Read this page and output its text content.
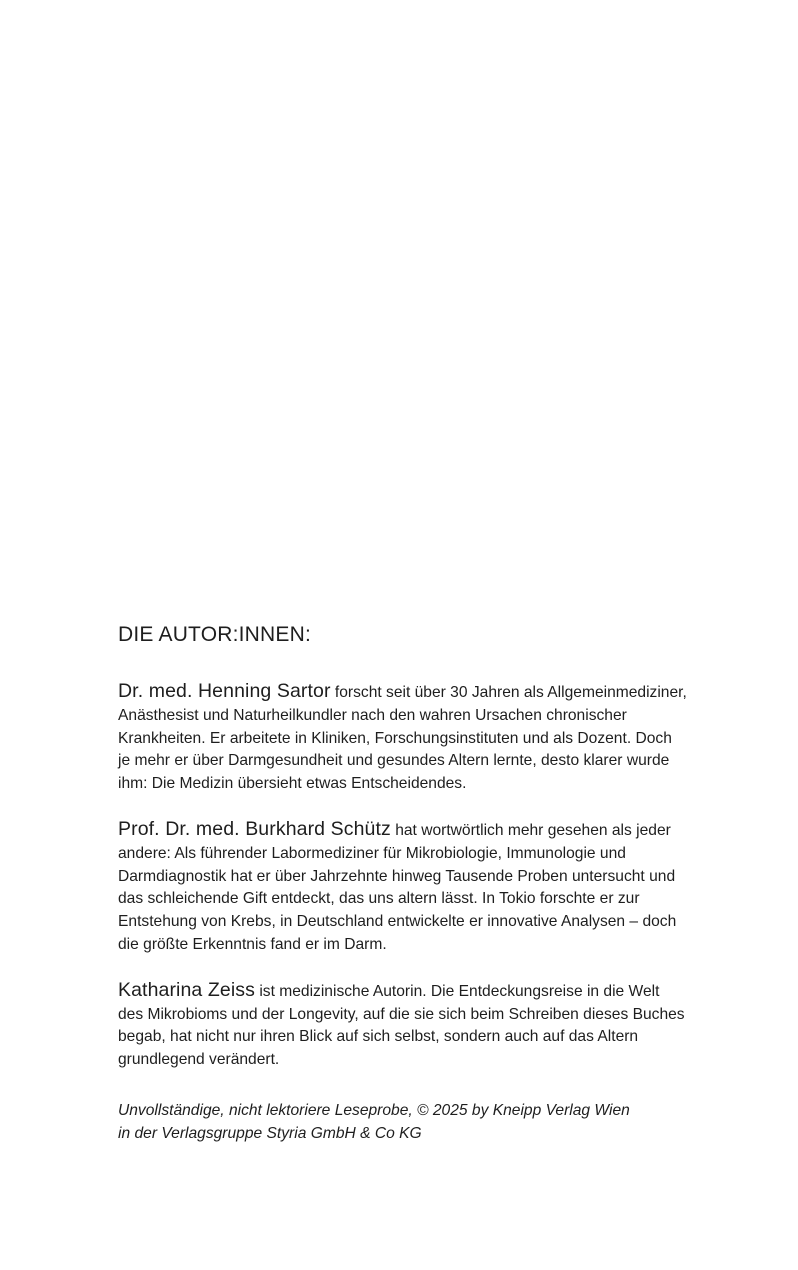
DIE AUTOR:INNEN:

Dr. med. Henning Sartor forscht seit über 30 Jahren als Allgemeinmediziner, Anästhesist und Naturheilkundler nach den wahren Ursachen chronischer Krankheiten. Er arbeitete in Kliniken, Forschungsinstituten und als Dozent. Doch je mehr er über Darmgesundheit und gesundes Altern lernte, desto klarer wurde ihm: Die Medizin übersieht etwas Entscheidendes.

Prof. Dr. med. Burkhard Schütz hat wortwörtlich mehr gesehen als jeder andere: Als führender Labormediziner für Mikrobiologie, Immunologie und Darmdiagnostik hat er über Jahrzehnte hinweg Tausende Proben untersucht und das schleichende Gift entdeckt, das uns altern lässt. In Tokio forschte er zur Entstehung von Krebs, in Deutschland entwickelte er innovative Analysen – doch die größte Erkenntnis fand er im Darm.

Katharina Zeiss ist medizinische Autorin. Die Entdeckungsreise in die Welt des Mikrobioms und der Longevity, auf die sie sich beim Schreiben dieses Buches begab, hat nicht nur ihren Blick auf sich selbst, sondern auch auf das Altern grundlegend verändert.

Unvollständige, nicht lektoriere Leseprobe, © 2025 by Kneipp Verlag Wien
in der Verlagsgruppe Styria GmbH & Co KG
